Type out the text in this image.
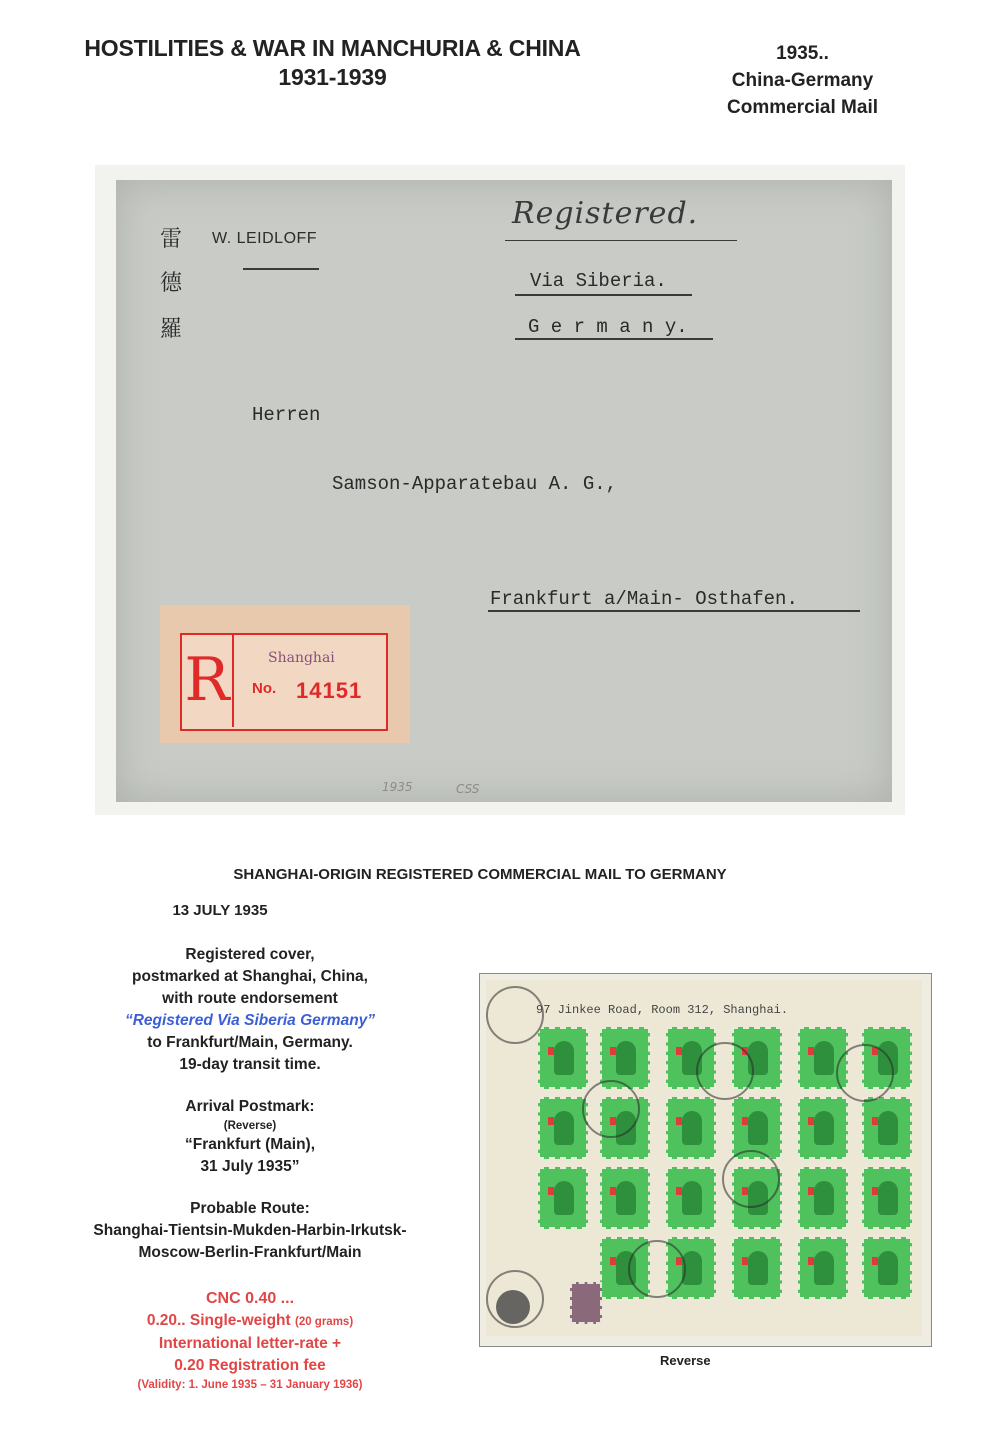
HOSTILITIES & WAR IN MANCHURIA & CHINA
1931-1939
1935..
China-Germany
Commercial Mail
雷
德
羅
W. LEIDLOFF
Registered.
Via Siberia.
G e r m a n y.
Herren
Samson-Apparatebau A. G.,
Frankfurt a/Main- Osthafen.
R	Shanghai
No. 14151
1935	CSS
SHANGHAI-ORIGIN REGISTERED COMMERCIAL MAIL TO GERMANY
13 JULY 1935
Registered cover,
postmarked at Shanghai, China,
with route endorsement
“Registered Via Siberia Germany”
to Frankfurt/Main, Germany.
19-day transit time.
Arrival Postmark:
(Reverse)
“Frankfurt (Main),
31 July 1935”
Probable Route:
Shanghai-Tientsin-Mukden-Harbin-Irkutsk-
Moscow-Berlin-Frankfurt/Main
CNC 0.40 ...
0.20.. Single-weight (20 grams)
International letter-rate +
0.20 Registration fee
(Validity: 1. June 1935 – 31 January 1936)
97 Jinkee Road, Room 312, Shanghai.
Reverse
